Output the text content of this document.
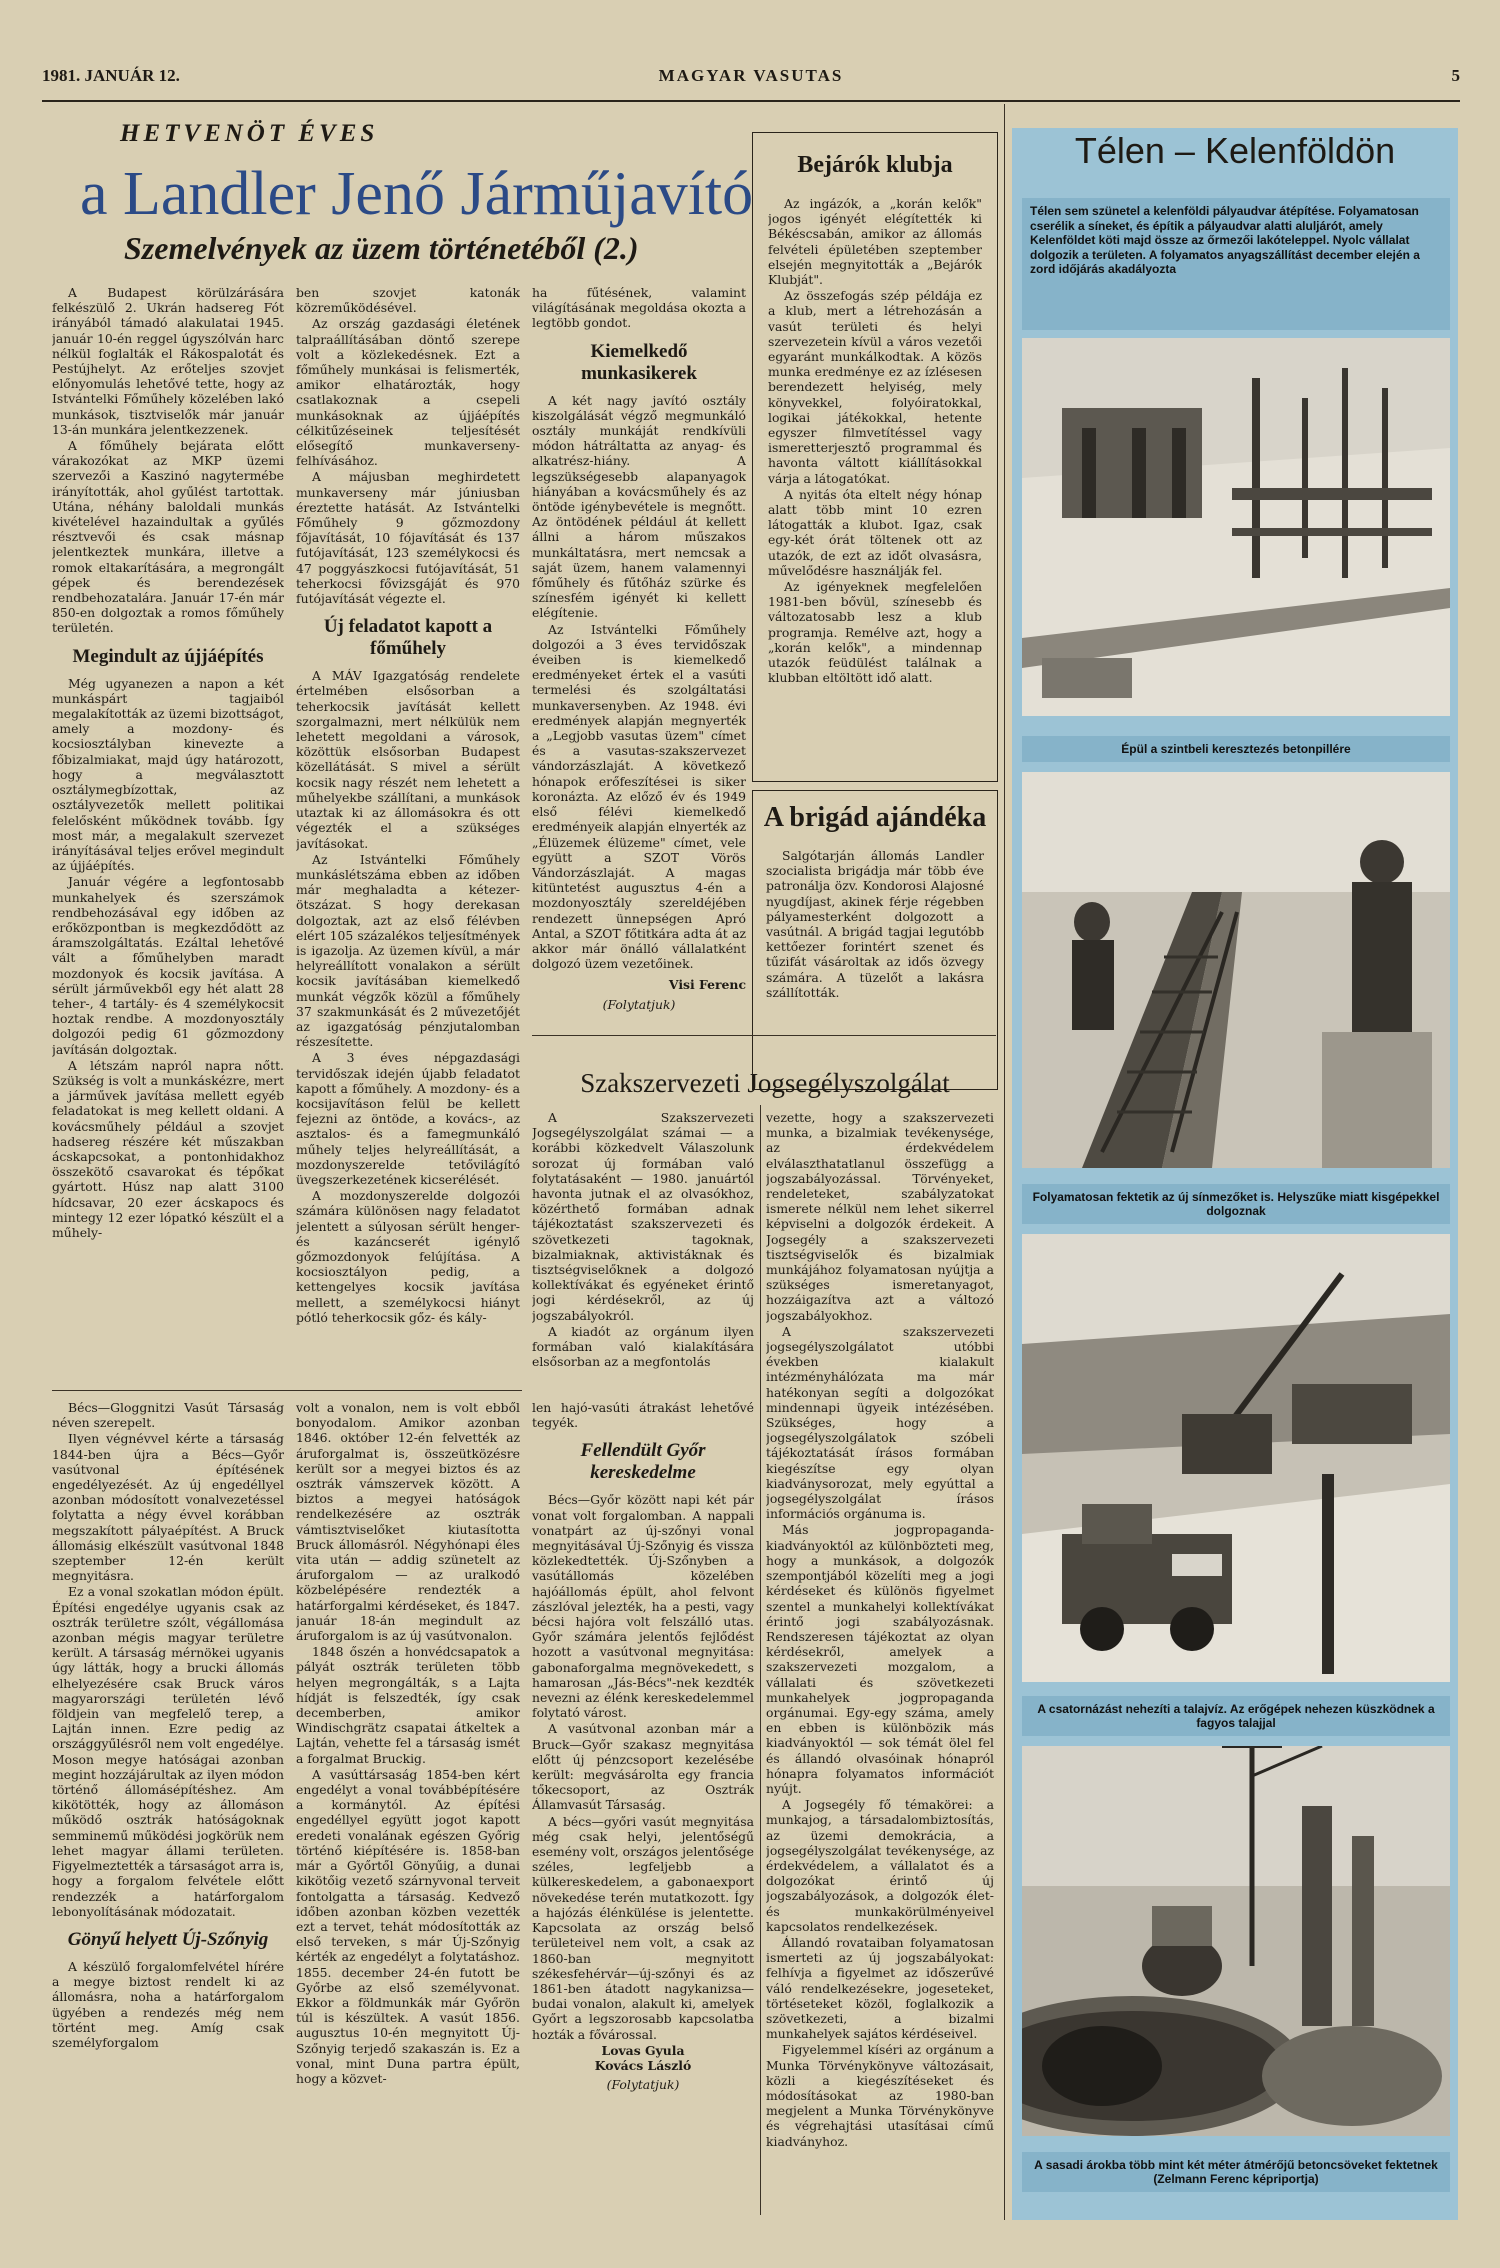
1981. JANUÁR 12.	MAGYAR VASUTAS	5
HETVENÖT ÉVES
a Landler Jenő Járműjavító
Szemelvények az üzem történetéből (2.)

A Budapest körülzárására felkészülő 2. Ukrán hadsereg Fót irányából támadó alakulatai 1945. január 10-én reggel úgyszólván harc nélkül foglalták el Rákospalotát és Pestújhelyt. Az erőteljes szovjet előnyomulás lehetővé tette, hogy az Istvántelki Főműhely közelében lakó munkások, tisztviselők már január 13-án munkára jelentkezzenek.

A főműhely bejárata előtt várakozókat az MKP üzemi szervezői a Kaszinó nagytermébe irányították, ahol gyűlést tartottak. Utána, néhány baloldali munkás kivételével hazaindultak a gyűlés résztvevői és csak másnap jelentkeztek munkára, illetve a romok eltakarítására, a megrongált gépek és berendezések rendbehozatalára. Január 17-én már 850-en dolgoztak a romos főműhely területén.

Megindult az újjáépítés

Még ugyanezen a napon a két munkáspárt tagjaiból megalakították az üzemi bizottságot, amely a mozdony- és kocsiosztályban kinevezte a főbizalmiakat, majd úgy határozott, hogy a megválasztott osztálymegbízottak, az osztályvezetők mellett politikai felelősként működnek tovább. Így most már, a megalakult szervezet irányításával teljes erővel megindult az újjáépítés.

Január végére a legfontosabb munkahelyek és szerszámok rendbehozásával egy időben az erőközpontban is megkezdődött az áramszolgáltatás. Ezáltal lehetővé vált a főműhelyben maradt mozdonyok és kocsik javítása. A sérült járművekből egy hét alatt 28 teher-, 4 tartály- és 4 személykocsit hoztak rendbe. A mozdonyosztály dolgozói pedig 61 gőzmozdony javításán dolgoztak.

A létszám napról napra nőtt. Szükség is volt a munkáskézre, mert a járművek javítása mellett egyéb feladatokat is meg kellett oldani. A kovácsműhely például a szovjet hadsereg részére két műszakban ácskapcsokat, a pontonhidakhoz összekötő csavarokat és tépőkat gyártott. Húsz nap alatt 3100 hídcsavar, 20 ezer ácskapocs és mintegy 12 ezer lópatkó készült el a műhely-

ben szovjet katonák közreműködésével.

Az ország gazdasági életének talpraállításában döntő szerepe volt a közlekedésnek. Ezt a főműhely munkásai is felismerték, amikor elhatározták, hogy csatlakoznak a csepeli munkásoknak az újjáépítés célkitűzéseinek teljesítését elősegítő munkaverseny-felhívásához.

A májusban meghirdetett munkaverseny már júniusban éreztette hatását. Az Istvántelki Főműhely 9 gőzmozdony főjavítását, 10 fójavítását és 137 futójavítását, 123 személykocsi és 47 poggyászkocsi futójavítását, 51 teherkocsi fővizsgáját és 970 futójavítását végezte el.

Új feladatot kapott a főműhely

A MÁV Igazgatóság rendelete értelmében elsősorban a teherkocsik javítását kellett szorgalmazni, mert nélkülük nem lehetett megoldani a városok, közöttük elsősorban Budapest közellátását. S mivel a sérült kocsik nagy részét nem lehetett a műhelyekbe szállítani, a munkások utaztak ki az állomásokra és ott végezték el a szükséges javításokat.

Az Istvántelki Főműhely munkáslétszáma ebben az időben már meghaladta a kétezer-ötszázat. S hogy derekasan dolgoztak, azt az első félévben elért 105 százalékos teljesítmények is igazolja. Az üzemen kívül, a már helyreállított vonalakon a sérült kocsik javításában kiemelkedő munkát végzők közül a főműhely 37 szakmunkását és 2 művezetőjét az igazgatóság pénzjutalomban részesítette.

A 3 éves népgazdasági tervidőszak idején újabb feladatot kapott a főműhely. A mozdony- és a kocsijavításon felül be kellett fejezni az öntöde, a kovács-, az asztalos- és a famegmunkáló műhely teljes helyreállítását, a mozdonyszerelde tetővilágító üvegszerkezetének kicserélését.

A mozdonyszerelde dolgozói számára különösen nagy feladatot jelentett a súlyosan sérült henger- és kazáncserét igénylő gőzmozdonyok felújítása. A kocsiosztályon pedig, a kettengelyes kocsik javítása mellett, a személykocsi hiányt pótló teherkocsik gőz- és kály-

ha fűtésének, valamint világításának megoldása okozta a legtöbb gondot.

Kiemelkedő munkasikerek

A két nagy javító osztály kiszolgálását végző megmunkáló osztály munkáját rendkívüli módon hátráltatta az anyag- és alkatrész-hiány. A legszükségesebb alapanyagok hiányában a kovácsműhely és az öntöde igénybevétele is megnőtt. Az öntödének például át kellett állni a három műszakos munkáltatásra, mert nemcsak a saját üzem, hanem valamennyi főműhely és fűtőház szürke és színesfém igényét ki kellett elégítenie.

Az Istvántelki Főműhely dolgozói a 3 éves tervidőszak éveiben is kiemelkedő eredményeket értek el a vasúti termelési és szolgáltatási munkaversenyben. Az 1948. évi eredmények alapján megnyerték a „Legjobb vasutas üzem" címet és a vasutas-szakszervezet vándorzászlaját. A következő hónapok erőfeszítései is siker koronázta. Az előző év és 1949 első félévi kiemelkedő eredményeik alapján elnyerték az „Élüzemek élüzeme" címet, vele együtt a SZOT Vörös Vándorzászlaját. A magas kitüntetést augusztus 4-én a mozdonyosztály szereldéjében rendezett ünnepségen Apró Antal, a SZOT főtitkára adta át az akkor már önálló vállalatként dolgozó üzem vezetőinek.

Visi Ferenc
(Folytatjuk)
Bejárók klubja

Az ingázók, a „korán kelők" jogos igényét elégítették ki Békéscsabán, amikor az állomás felvételi épületében szeptember elsején megnyitották a „Bejárók Klubját".

Az összefogás szép példája ez a klub, mert a létrehozásán a vasút területi és helyi szervezetein kívül a város vezetői egyaránt munkálkodtak. A közös munka eredménye ez az ízlésesen berendezett helyiség, mely könyvekkel, folyóiratokkal, logikai játékokkal, hetente egyszer filmvetítéssel vagy ismeretterjesztő programmal és havonta váltott kiállításokkal várja a látogatókat.

A nyitás óta eltelt négy hónap alatt több mint 10 ezren látogatták a klubot. Igaz, csak egy-két órát töltenek ott az utazók, de ezt az időt olvasásra, művelődésre használják fel.

Az igényeknek megfelelően 1981-ben bővül, színesebb és változatosabb lesz a klub programja. Remélve azt, hogy a „korán kelők", a mindennap utazók feüdülést találnak a klubban eltöltött idő alatt.

A brigád ajándéka

Salgótarján állomás Landler szocialista brigádja már több éve patronálja özv. Kondorosi Alajosné nyugdíjast, akinek férje régebben pályamesterként dolgozott a vasútnál. A brigád tagjai legutóbb kettőezer forintért szenet és tűzifát vásároltak az idős özvegy számára. A tüzelőt a lakásra szállították.

Szakszervezeti Jogsegélyszolgálat

A Szakszervezeti Jogsegélyszolgálat számai — a korábbi közkedvelt Válaszolunk sorozat új formában való folytatásaként — 1980. januártól havonta jutnak el az olvasókhoz, közérthető formában adnak tájékoztatást szakszervezeti és szövetkezeti tagoknak, bizalmiaknak, aktivistáknak és tisztségviselőknek a dolgozó kollektívákat és egyéneket érintő jogi kérdésekről, az új jogszabályokról.

A kiadót az orgánum ilyen formában való kialakítására elsősorban az a megfontolás

vezette, hogy a szakszervezeti munka, a bizalmiak tevékenysége, az érdekvédelem elválaszthatatlanul összefügg a jogszabályozással. Törvényeket, rendeleteket, szabályzatokat ismerete nélkül nem lehet sikerrel képviselni a dolgozók érdekeit. A Jogsegély a szakszervezeti tisztségviselők és bizalmiak munkájához folyamatosan nyújtja a szükséges ismeretanyagot, hozzáigazítva azt a változó jogszabályokhoz.

A szakszervezeti jogsegélyszolgálatot utóbbi években kialakult intézményhálózata ma már hatékonyan segíti a dolgozókat mindennapi ügyeik intézésében. Szükséges, hogy a jogsegélyszolgálatok szóbeli tájékoztatását írásos formában kiegészítse egy olyan kiadványsorozat, mely egyúttal a jogsegélyszolgálat írásos információs orgánuma is.

Más jogpropaganda-kiadványoktól az különbözteti meg, hogy a munkások, a dolgozók szempontjából közelíti meg a jogi kérdéseket és különös figyelmet szentel a munkahelyi kollektívákat érintő jogi szabályozásnak. Rendszeresen tájékoztat az olyan kérdésekről, amelyek a szakszervezeti mozgalom, a vállalati és szövetkezeti munkahelyek jogpropaganda orgánumai. Egy-egy száma, amely en ebben is különbözik más kiadványoktól — sok témát ölel fel és állandó olvasóinak hónapról hónapra folyamatos információt nyújt.

A Jogsegély fő témakörei: a munkajog, a társadalombiztosítás, az üzemi demokrácia, a jogsegélyszolgálat tevékenysége, az érdekvédelem, a vállalatot és a dolgozókat érintő új jogszabályozások, a dolgozók élet- és munkakörülményeivel kapcsolatos rendelkezések.

Állandó rovataiban folyamatosan ismerteti az új jogszabályokat: felhívja a figyelmet az időszerűvé váló rendelkezésekre, jogeseteket, törtéseteket közöl, foglalkozik a szövetkezeti, a bizalmi munkahelyek sajátos kérdéseivel.

Figyelemmel kíséri az orgánum a Munka Törvénykönyve változásait, közli a kiegészítéseket és módosításokat az 1980-ban megjelent a Munka Törvénykönyve és végrehajtási utasításai című kiadványhoz.

Bécs—Gloggnitzi Vasút Társaság néven szerepelt.

Ilyen végnévvel kérte a társaság 1844-ben újra a Bécs—Győr vasútvonal építésének engedélyezését. Az új engedéllyel azonban módosított vonalvezetéssel folytatta a négy évvel korábban megszakított pályaépítést. A Bruck állomásig elkészült vasútvonal 1848 szeptember 12-én került megnyitásra.

Ez a vonal szokatlan módon épült. Építési engedélye ugyanis csak az osztrák területre szólt, végállomása azonban mégis magyar területre került. A társaság mérnökei ugyanis úgy látták, hogy a brucki állomás elhelyezésére csak Bruck város magyarországi területén lévő földjein van megfelelő terep, a Lajtán innen. Ezre pedig az országgyűlésről nem volt engedélye. Moson megye hatóságai azonban megint hozzájárultak az ilyen módon történő állomásépítéshez. Am kikötötték, hogy az állomáson működő osztrák hatóságoknak semminemű működési jogkörük nem lehet magyar állami területen. Figyelmeztették a társaságot arra is, hogy a forgalom felvétele előtt rendezzék a határforgalom lebonyolításának módozatait.

Gönyű helyett Új-Szőnyig

A készülő forgalomfelvétel hírére a megye biztost rendelt ki az állomásra, noha a határforgalom ügyében a rendezés még nem történt meg. Amíg csak személyforgalom

volt a vonalon, nem is volt ebből bonyodalom. Amikor azonban 1846. október 12-én felvették az áruforgalmat is, összeütközésre került sor a megyei biztos és az osztrák vámszervek között. A biztos a megyei hatóságok rendelkezésére az osztrák vámtisztviselőket kiutasította Bruck állomásról. Négyhónapi éles vita után — addig szünetelt az áruforgalom — az uralkodó közbelépésére rendezték a határforgalmi kérdéseket, és 1847. január 18-án megindult az áruforgalom is az új vasútvonalon.

1848 őszén a honvédcsapatok a pályát osztrák területen több helyen megrongálták, s a Lajta hídját is felszedték, így csak decemberben, amikor Windischgrätz csapatai átkeltek a Lajtán, vehette fel a társaság ismét a forgalmat Bruckig.

A vasúttársaság 1854-ben kért engedélyt a vonal továbbépítésére a kormánytól. Az építési engedéllyel együtt jogot kapott eredeti vonalának egészen Győrig történő kiépítésére is. 1858-ban már a Győrtől Gönyűig, a dunai kikötőig vezető szárnyvonal terveit fontolgatta a társaság. Kedvező időben azonban közben vezették ezt a tervet, tehát módosították az első terveken, s már Új-Szőnyig kérték az engedélyt a folytatáshoz. 1855. december 24-én futott be Győrbe az első személyvonat. Ekkor a földmunkák már Győrön túl is készültek. A vasút 1856. augusztus 10-én megnyitott Új-Szőnyig terjedő szakaszán is. Ez a vonal, mint Duna partra épült, hogy a közvet-

len hajó-vasúti átrakást lehetővé tegyék.

Fellendült Győr kereskedelme

Bécs—Győr között napi két pár vonat volt forgalomban. A nappali vonatpárt az új-szőnyi vonal megnyitásával Új-Szőnyig és vissza közlekedtették. Új-Szőnyben a vasútállomás közelében hajóállomás épült, ahol felvont zászlóval jelezték, ha a pesti, vagy bécsi hajóra volt felszálló utas. Győr számára jelentős fejlődést hozott a vasútvonal megnyitása: gabonaforgalma megnövekedett, s hamarosan „Jás-Bécs"-nek kezdték nevezni az élénk kereskedelemmel folytató várost.

A vasútvonal azonban már a Bruck—Győr szakasz megnyitása előtt új pénzcsoport kezelésébe került: megvásárolta egy francia tőkecsoport, az Osztrák Államvasút Társaság.

A bécs—győri vasút megnyitása még csak helyi, jelentőségű esemény volt, országos jelentősége széles, legfeljebb a külkereskedelem, a gabonaexport növekedése terén mutatkozott. Így a hajózás élénkülése is jelentette. Kapcsolata az ország belső területeivel nem volt, a csak az 1860-ban megnyitott székesfehérvár—új-szőnyi és az 1861-ben átadott nagykanizsa—budai vonalon, alakult ki, amelyek Győrt a legszorosabb kapcsolatba hozták a fővárossal.

Lovas Gyula
Kovács László
(Folytatjuk)
Télen – Kelenföldön
Télen sem szünetel a kelenföldi pályaudvar átépítése. Folyamatosan cserélik a síneket, és építik a pályaudvar alatti aluljárót, amely Kelenföldet köti majd össze az őrmezői lakóteleppel. Nyolc vállalat dolgozik a területen. A folyamatos anyagszállítást december elején a zord időjárás akadályozta
Épül a szintbeli keresztezés betonpillére
Folyamatosan fektetik az új sínmezőket is. Helyszűke miatt kisgépekkel dolgoznak
A csatornázást nehezíti a talajvíz. Az erőgépek nehezen küszködnek a fagyos talajjal
A sasadi árokba több mint két méter átmérőjű betoncsöveket fektetnek
(Zelmann Ferenc képriportja)
